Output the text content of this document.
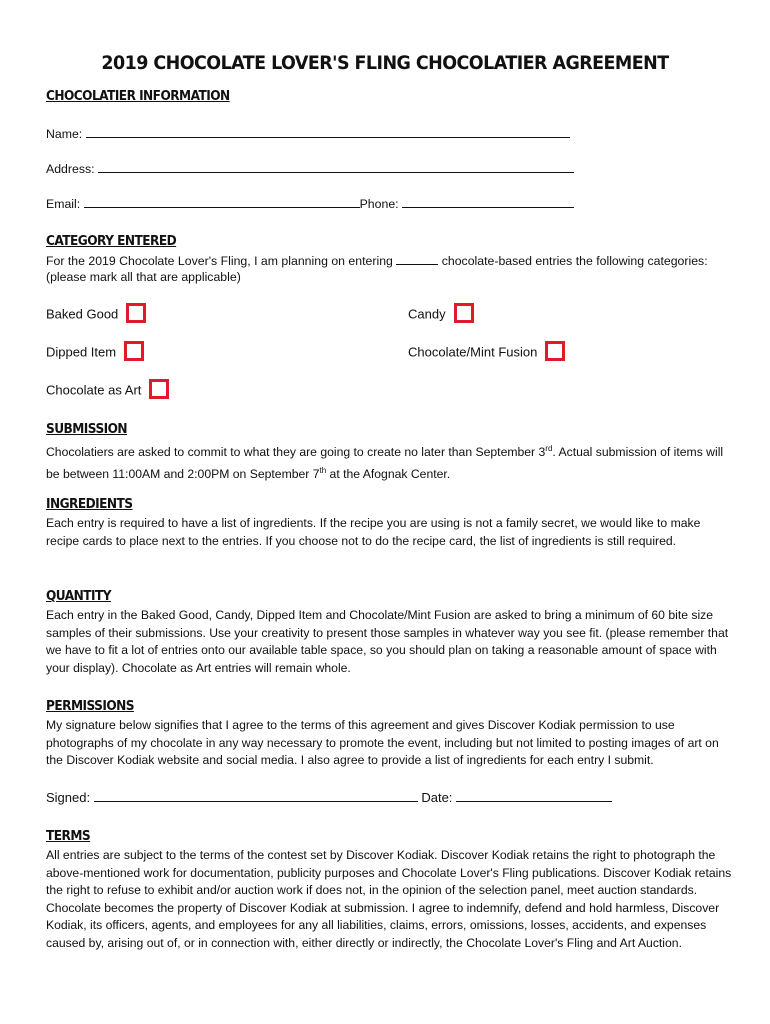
2019 CHOCOLATE LOVER'S FLING CHOCOLATIER AGREEMENT
CHOCOLATIER INFORMATION
Name:
Address:
Email:	Phone:
CATEGORY ENTERED
For the 2019 Chocolate Lover's Fling, I am planning on entering	chocolate-based entries the following categories:
(please mark all that are applicable)
Baked Good	Candy
Dipped Item	Chocolate/Mint Fusion
Chocolate as Art
SUBMISSION

Chocolatiers are asked to commit to what they are going to create no later than September 3rd. Actual submission of items will be between 11:00AM and 2:00PM on September 7th at the Afognak Center.

INGREDIENTS
Each entry is required to have a list of ingredients. If the recipe you are using is not a family secret, we would like to make recipe cards to place next to the entries. If you choose not to do the recipe card, the list of ingredients is still required.
QUANTITY
Each entry in the Baked Good, Candy, Dipped Item and Chocolate/Mint Fusion are asked to bring a minimum of 60 bite size samples of their submissions. Use your creativity to present those samples in whatever way you see fit. (please remember that we have to fit a lot of entries onto our available table space, so you should plan on taking a reasonable amount of space with your display). Chocolate as Art entries will remain whole.
PERMISSIONS
My signature below signifies that I agree to the terms of this agreement and gives Discover Kodiak permission to use photographs of my chocolate in any way necessary to promote the event, including but not limited to posting images of art on the Discover Kodiak website and social media. I also agree to provide a list of ingredients for each entry I submit.
Signed:	Date:
TERMS
All entries are subject to the terms of the contest set by Discover Kodiak. Discover Kodiak retains the right to photograph the above-mentioned work for documentation, publicity purposes and Chocolate Lover's Fling publications. Discover Kodiak retains the right to refuse to exhibit and/or auction work if does not, in the opinion of the selection panel, meet auction standards. Chocolate becomes the property of Discover Kodiak at submission. I agree to indemnify, defend and hold harmless, Discover Kodiak, its officers, agents, and employees for any all liabilities, claims, errors, omissions, losses, accidents, and expenses caused by, arising out of, or in connection with, either directly or indirectly, the Chocolate Lover's Fling and Art Auction.
